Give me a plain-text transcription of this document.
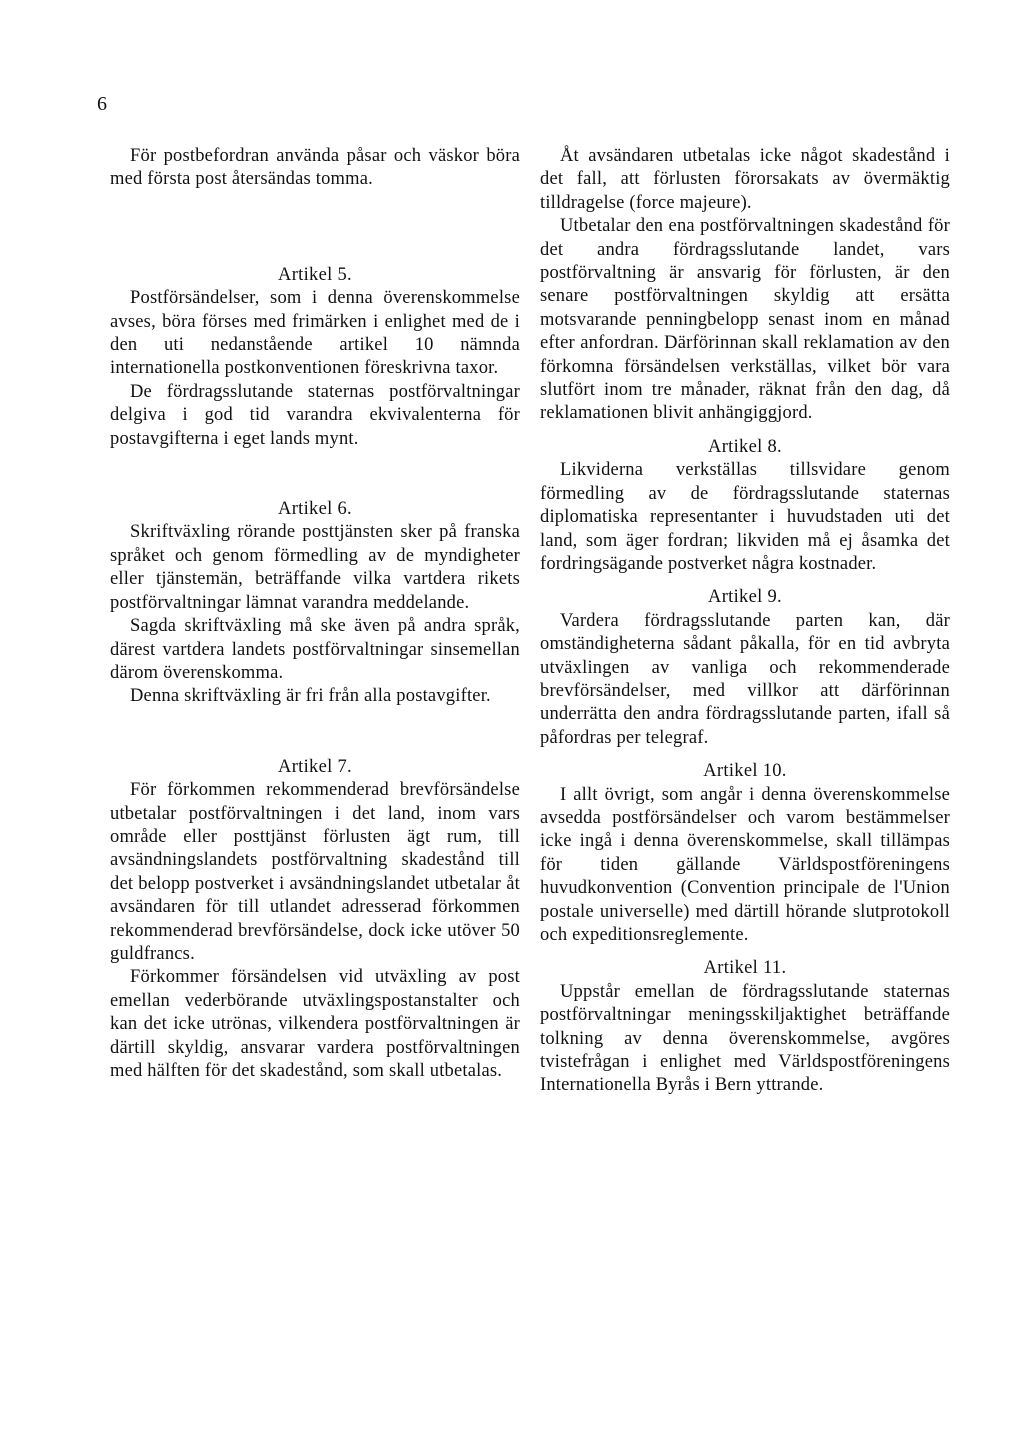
6

För postbefordran använda påsar och väskor böra med första post återsändas tomma.

Artikel 5.

Postförsändelser, som i denna överenskommelse avses, böra förses med frimärken i enlighet med de i den uti nedanstående artikel 10 nämnda internationella postkonventionen föreskrivna taxor.

De fördragsslutande staternas postförvaltningar delgiva i god tid varandra ekvivalenterna för postavgifterna i eget lands mynt.

Artikel 6.

Skriftväxling rörande posttjänsten sker på franska språket och genom förmedling av de myndigheter eller tjänstemän, beträffande vilka vartdera rikets postförvaltningar lämnat varandra meddelande.

Sagda skriftväxling må ske även på andra språk, därest vartdera landets postförvaltningar sinsemellan därom överenskomma.

Denna skriftväxling är fri från alla postavgifter.

Artikel 7.

För förkommen rekommenderad brevförsändelse utbetalar postförvaltningen i det land, inom vars område eller posttjänst förlusten ägt rum, till avsändningslandets postförvaltning skadestånd till det belopp postverket i avsändningslandet utbetalar åt avsändaren för till utlandet adresserad förkommen rekommenderad brevförsändelse, dock icke utöver 50 guldfrancs.

Förkommer försändelsen vid utväxling av post emellan vederbörande utväxlingspostanstalter och kan det icke utrönas, vilkendera postförvaltningen är därtill skyldig, ansvarar vardera postförvaltningen med hälften för det skadestånd, som skall utbetalas.

Åt avsändaren utbetalas icke något skadestånd i det fall, att förlusten förorsakats av övermäktig tilldragelse (force majeure).

Utbetalar den ena postförvaltningen skadestånd för det andra fördragsslutande landet, vars postförvaltning är ansvarig för förlusten, är den senare postförvaltningen skyldig att ersätta motsvarande penningbelopp senast inom en månad efter anfordran. Därförinnan skall reklamation av den förkomna försändelsen verkställas, vilket bör vara slutfört inom tre månader, räknat från den dag, då reklamationen blivit anhängiggjord.

Artikel 8.

Likviderna verkställas tillsvidare genom förmedling av de fördragsslutande staternas diplomatiska representanter i huvudstaden uti det land, som äger fordran; likviden må ej åsamka det fordringsägande postverket några kostnader.

Artikel 9.

Vardera fördragsslutande parten kan, där omständigheterna sådant påkalla, för en tid avbryta utväxlingen av vanliga och rekommenderade brevförsändelser, med villkor att därförinnan underrätta den andra fördragsslutande parten, ifall så påfordras per telegraf.

Artikel 10.

I allt övrigt, som angår i denna överenskommelse avsedda postförsändelser och varom bestämmelser icke ingå i denna överenskommelse, skall tillämpas för tiden gällande Världspostföreningens huvudkonvention (Convention principale de l'Union postale universelle) med därtill hörande slutprotokoll och expeditionsreglemente.

Artikel 11.

Uppstår emellan de fördragsslutande staternas postförvaltningar meningsskiljaktighet beträffande tolkning av denna överenskommelse, avgöres tvistefrågan i enlighet med Världspostföreningens Internationella Byrås i Bern yttrande.
